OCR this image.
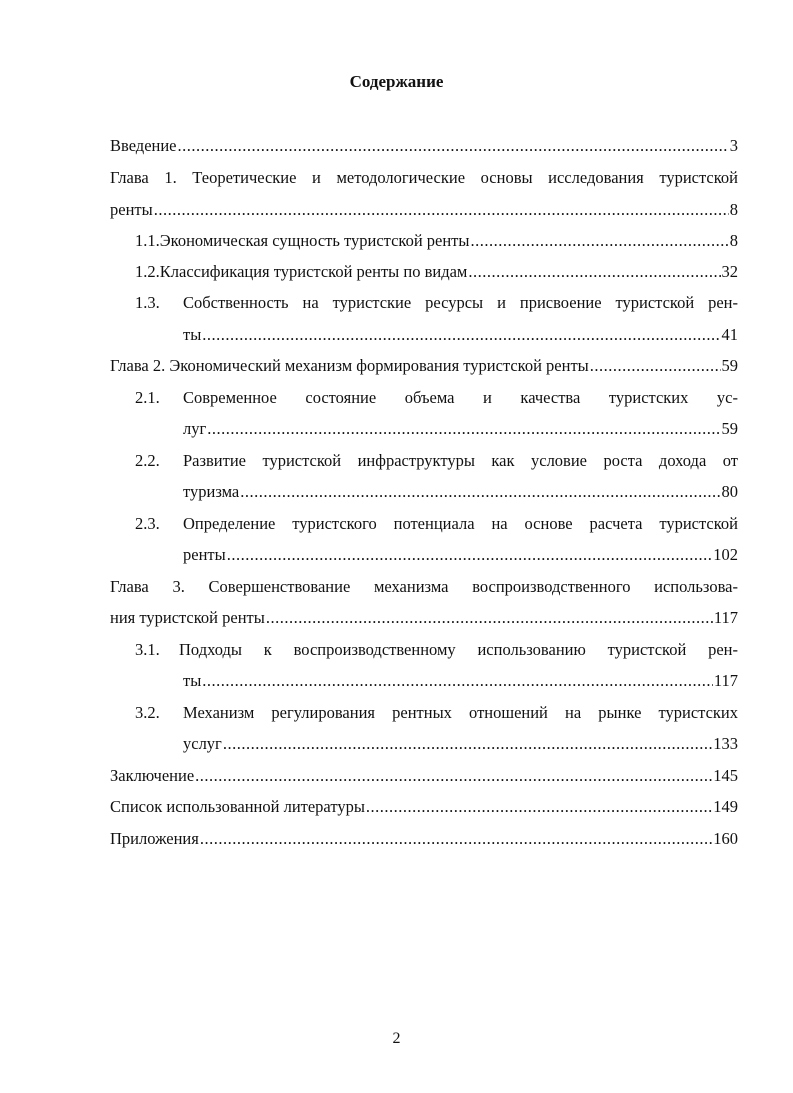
Содержание
Введение .....	3
Глава 1. Теоретические и методологические основы исследования туристской
ренты .....	8
1.1. Экономическая сущность туристской ренты .....	8
1.2. Классификация туристской ренты по видам .....	32
1.3.	Собственность на туристские ресурсы и присвоение туристской рен-
ты .....	41
Глава 2. Экономический механизм формирования туристской ренты .....	59
2.1.	Современное состояние объема и качества туристских ус-
луг .....	59
2.2.	Развитие туристской инфраструктуры как условие роста дохода от
туризма .....	80
2.3.	Определение туристского потенциала на основе расчета туристской
ренты .....	102
Глава 3. Совершенствование механизма воспроизводственного использова-
ния туристской ренты .....	117
3.1.	Подходы к воспроизводственному использованию туристской рен-
ты .....	117
3.2.	Механизм регулирования рентных отношений на рынке туристских
услуг .....	133
Заключение .....	145
Список использованной литературы .....	149
Приложения .....	160
2
